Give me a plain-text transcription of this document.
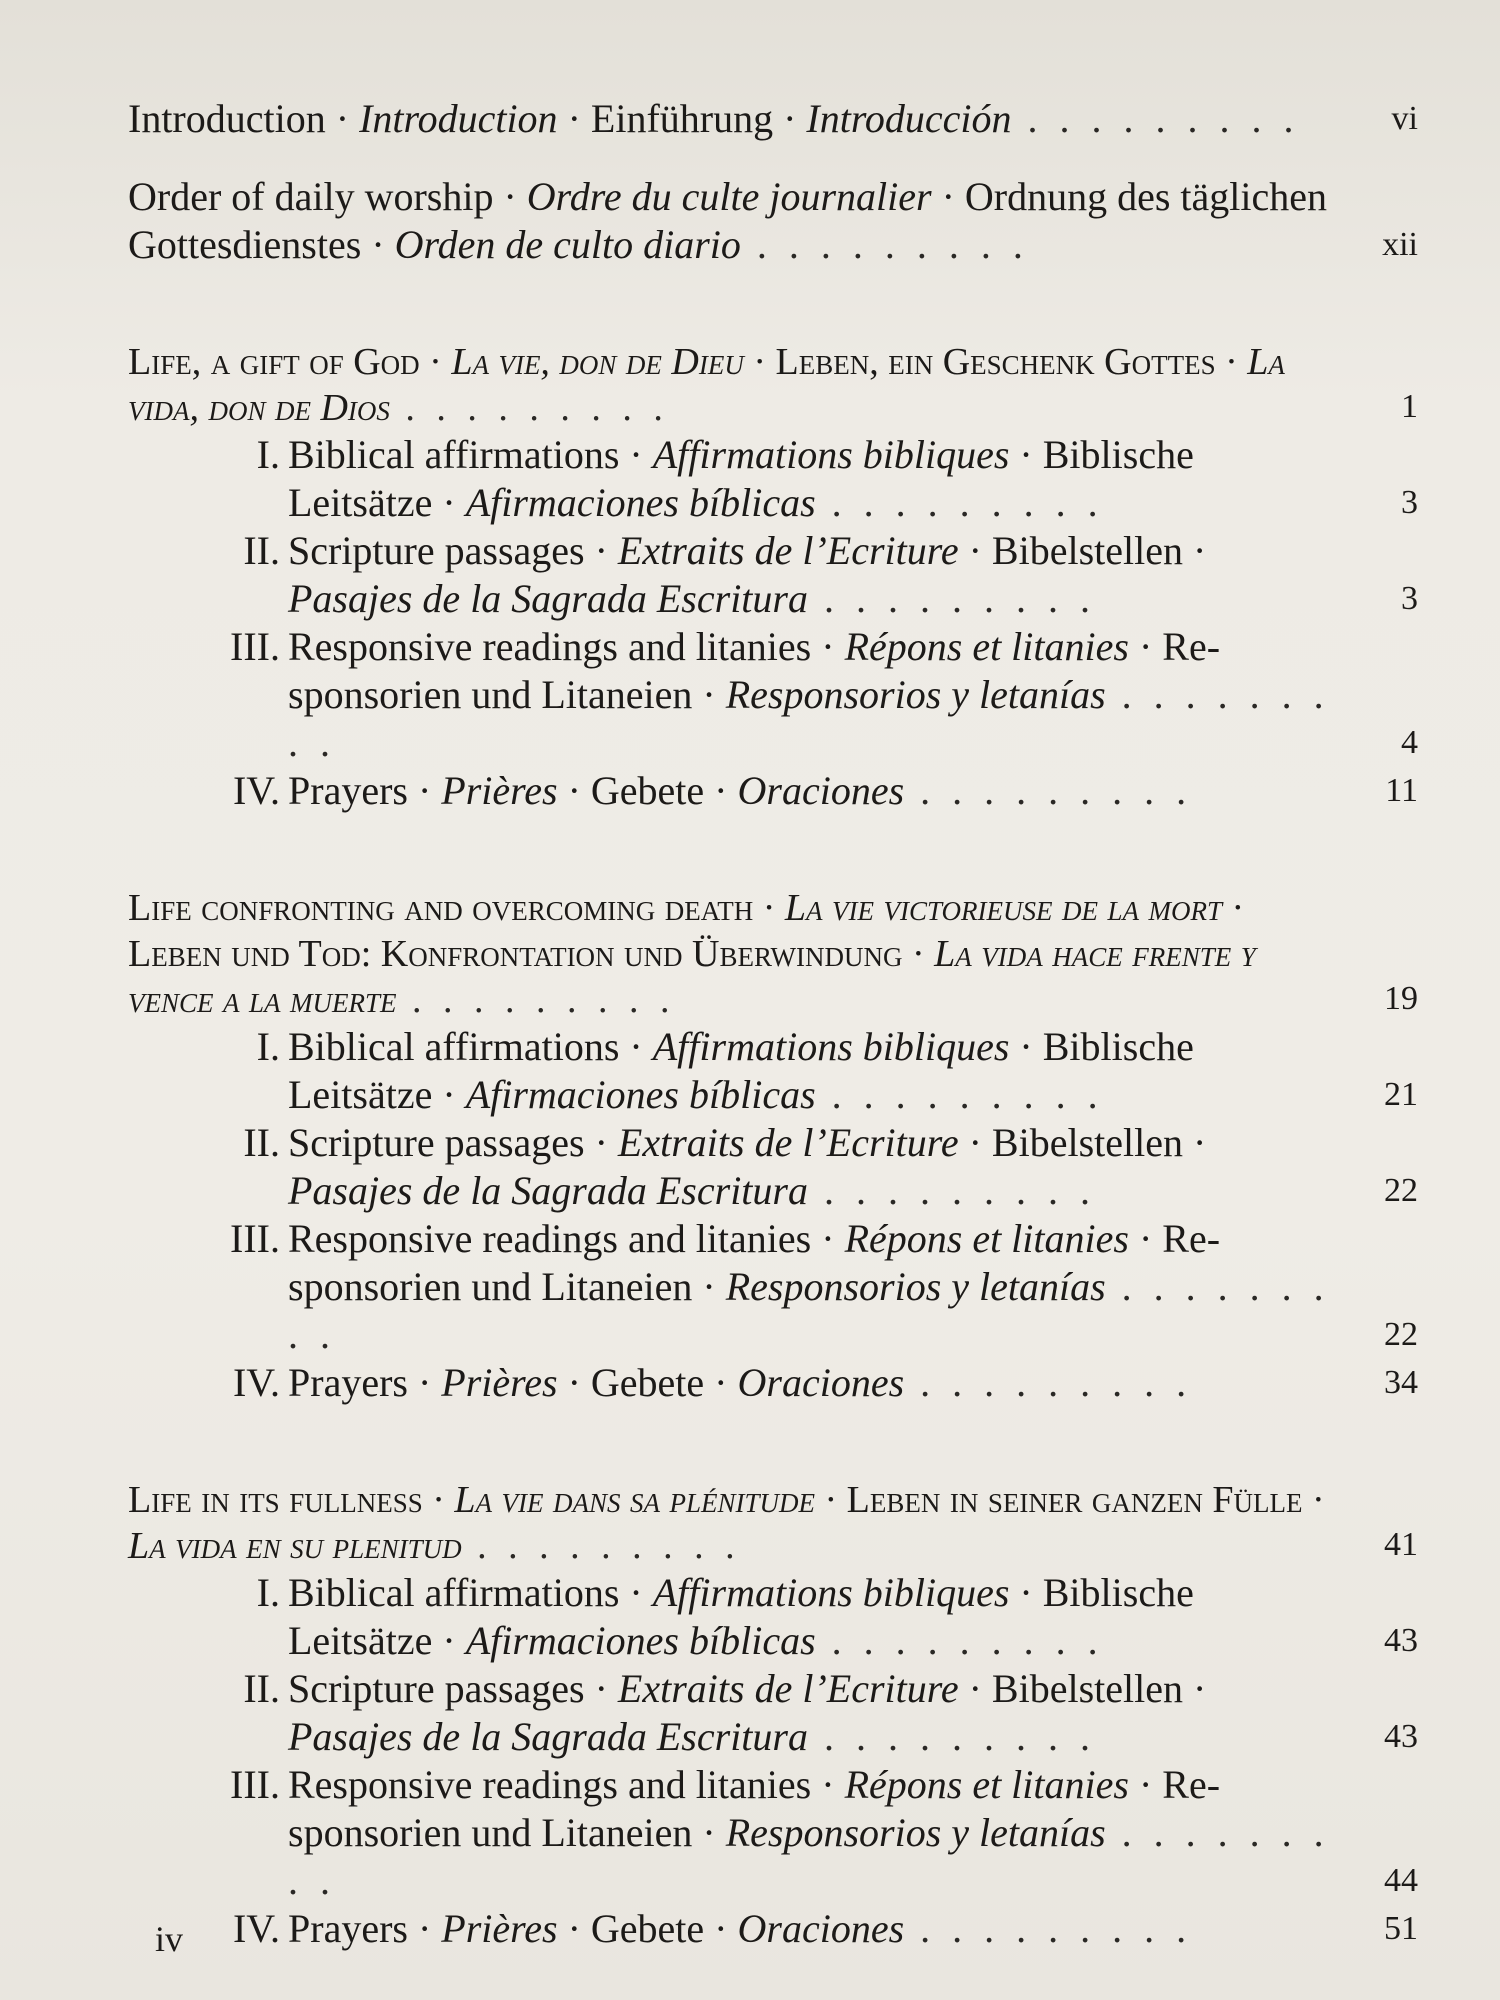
Introduction · Introduction · Einführung · Introducción . . . . . . . . .	vi
Order of daily worship · Ordre du culte journalier · Ordnung des täglichen Gottesdienstes · Orden de culto diario . . . . . . . . .	xii
Life, a gift of God · La vie, don de Dieu · Leben, ein Geschenk Gottes · La vida, don de Dios . . . . . . . . .	1
I. Biblical affirmations · Affirmations bibliques · Biblische Leitsätze · Afirmaciones bíblicas . . . . . . . . .	3
II. Scripture passages · Extraits de l’Ecriture · Bibelstellen · Pasajes de la Sagrada Escritura . . . . . . . . .	3
III. Responsive readings and litanies · Répons et litanies · Responsorien und Litaneien · Responsorios y letanías . . . . . . . . .	4
IV. Prayers · Prières · Gebete · Oraciones . . . . . . . . .	11
Life confronting and overcoming death · La vie victorieuse de la mort · Leben und Tod: Konfrontation und Überwindung · La vida hace frente y vence a la muerte . . . . . . . . .	19
I. Biblical affirmations · Affirmations bibliques · Biblische Leitsätze · Afirmaciones bíblicas . . . . . . . . .	21
II. Scripture passages · Extraits de l’Ecriture · Bibelstellen · Pasajes de la Sagrada Escritura . . . . . . . . .	22
III. Responsive readings and litanies · Répons et litanies · Responsorien und Litaneien · Responsorios y letanías . . . . . . . . .	22
IV. Prayers · Prières · Gebete · Oraciones . . . . . . . . .	34
Life in its fullness · La vie dans sa plénitude · Leben in seiner ganzen Fülle · La vida en su plenitud . . . . . . . . .	41
I. Biblical affirmations · Affirmations bibliques · Biblische Leitsätze · Afirmaciones bíblicas . . . . . . . . .	43
II. Scripture passages · Extraits de l’Ecriture · Bibelstellen · Pasajes de la Sagrada Escritura . . . . . . . . .	43
III. Responsive readings and litanies · Répons et litanies · Responsorien und Litaneien · Responsorios y letanías . . . . . . . . .	44
IV. Prayers · Prières · Gebete · Oraciones . . . . . . . . .	51
iv
